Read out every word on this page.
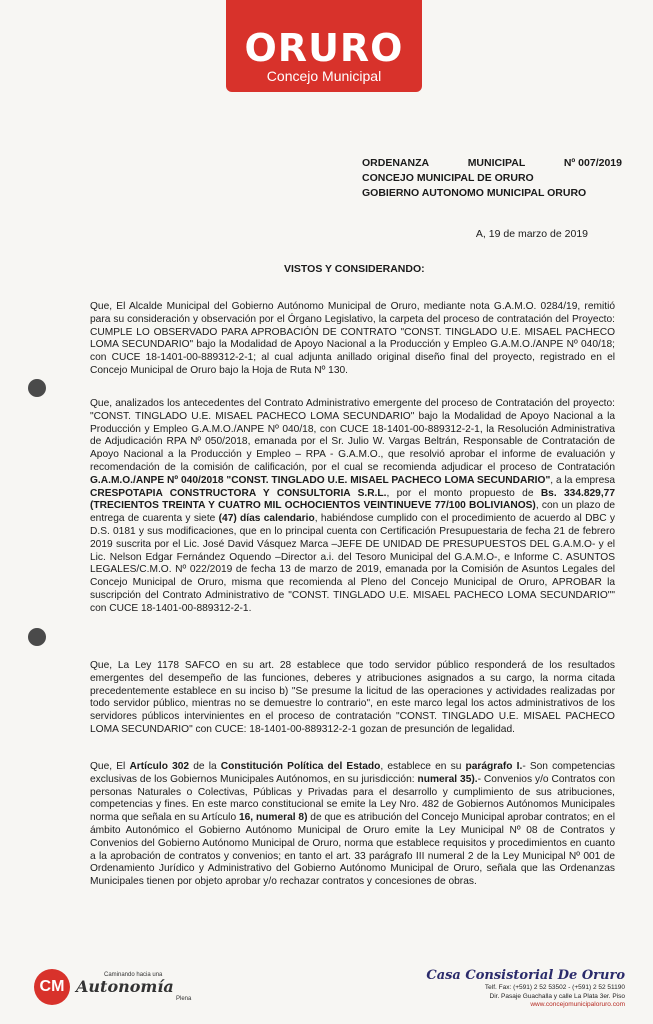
ORURO
Concejo Municipal
ORDENANZA	MUNICIPAL	Nº 007/2019
CONCEJO MUNICIPAL DE ORURO
GOBIERNO AUTONOMO MUNICIPAL ORURO
A, 19 de marzo de 2019
VISTOS Y CONSIDERANDO:

Que, El Alcalde Municipal del Gobierno Autónomo Municipal de Oruro, mediante nota G.A.M.O. 0284/19, remitió para su consideración y observación por el Órgano Legislativo, la carpeta del proceso de contratación del Proyecto: CUMPLE LO OBSERVADO PARA APROBACIÓN DE CONTRATO "CONST. TINGLADO U.E. MISAEL PACHECO LOMA SECUNDARIO" bajo la Modalidad de Apoyo Nacional a la Producción y Empleo G.A.M.O./ANPE Nº 040/18; con CUCE 18-1401-00-889312-2-1; al cual adjunta anillado original diseño final del proyecto, registrado en el Concejo Municipal de Oruro bajo la Hoja de Ruta Nº 130.

Que, analizados los antecedentes del Contrato Administrativo emergente del proceso de Contratación del proyecto: "CONST. TINGLADO U.E. MISAEL PACHECO LOMA SECUNDARIO" bajo la Modalidad de Apoyo Nacional a la Producción y Empleo G.A.M.O./ANPE Nº 040/18, con CUCE 18-1401-00-889312-2-1, la Resolución Administrativa de Adjudicación RPA Nº 050/2018, emanada por el Sr. Julio W. Vargas Beltrán, Responsable de Contratación de Apoyo Nacional a la Producción y Empleo – RPA - G.A.M.O., que resolvió aprobar el informe de evaluación y recomendación de la comisión de calificación, por el cual se recomienda adjudicar el proceso de Contratación G.A.M.O./ANPE Nº 040/2018 "CONST. TINGLADO U.E. MISAEL PACHECO LOMA SECUNDARIO", a la empresa CRESPOTAPIA CONSTRUCTORA Y CONSULTORIA S.R.L., por el monto propuesto de Bs. 334.829,77 (TRECIENTOS TREINTA Y CUATRO MIL OCHOCIENTOS VEINTINUEVE 77/100 BOLIVIANOS), con un plazo de entrega de cuarenta y siete (47) días calendario, habiéndose cumplido con el procedimiento de acuerdo al DBC y D.S. 0181 y sus modificaciones, que en lo principal cuenta con Certificación Presupuestaria de fecha 21 de febrero 2019 suscrita por el Lic. José David Vásquez Marca –JEFE DE UNIDAD DE PRESUPUESTOS DEL G.A.M.O- y el Lic. Nelson Edgar Fernández Oquendo –Director a.i. del Tesoro Municipal del G.A.M.O-, e Informe C. ASUNTOS LEGALES/C.M.O. Nº 022/2019 de fecha 13 de marzo de 2019, emanada por la Comisión de Asuntos Legales del Concejo Municipal de Oruro, misma que recomienda al Pleno del Concejo Municipal de Oruro, APROBAR la suscripción del Contrato Administrativo de "CONST. TINGLADO U.E. MISAEL PACHECO LOMA SECUNDARIO"" con CUCE 18-1401-00-889312-2-1.

Que, La Ley 1178 SAFCO en su art. 28 establece que todo servidor público responderá de los resultados emergentes del desempeño de las funciones, deberes y atribuciones asignados a su cargo, la norma citada precedentemente establece en su inciso b) "Se presume la licitud de las operaciones y actividades realizadas por todo servidor público, mientras no se demuestre lo contrario", en este marco legal los actos administrativos de los servidores públicos intervinientes en el proceso de contratación "CONST. TINGLADO U.E. MISAEL PACHECO LOMA SECUNDARIO" con CUCE: 18-1401-00-889312-2-1 gozan de presunción de legalidad.

Que, El Artículo 302 de la Constitución Política del Estado, establece en su parágrafo I.- Son competencias exclusivas de los Gobiernos Municipales Autónomos, en su jurisdicción: numeral 35).- Convenios y/o Contratos con personas Naturales o Colectivas, Públicas y Privadas para el desarrollo y cumplimiento de sus atribuciones, competencias y fines. En este marco constitucional se emite la Ley Nro. 482 de Gobiernos Autónomos Municipales norma que señala en su Artículo 16, numeral 8) de que es atribución del Concejo Municipal aprobar contratos; en el ámbito Autonómico el Gobierno Autónomo Municipal de Oruro emite la Ley Municipal Nº 08 de Contratos y Convenios del Gobierno Autónomo Municipal de Oruro, norma que establece requisitos y procedimientos en cuanto a la aprobación de contratos y convenios; en tanto el art. 33 parágrafo III numeral 2 de la Ley Municipal Nº 001 de Ordenamiento Jurídico y Administrativo del Gobierno Autónomo Municipal de Oruro, señala que las Ordenanzas Municipales tienen por objeto aprobar y/o rechazar contratos y concesiones de obras.

CM
Caminando hacia una
Autonomía
Plena
Casa Consistorial De Oruro
Telf. Fax: (+591) 2 52 53502 - (+591) 2 52 51190
Dir. Pasaje Guachalla y calle La Plata 3er. Piso
www.concejomunicipaloruro.com
